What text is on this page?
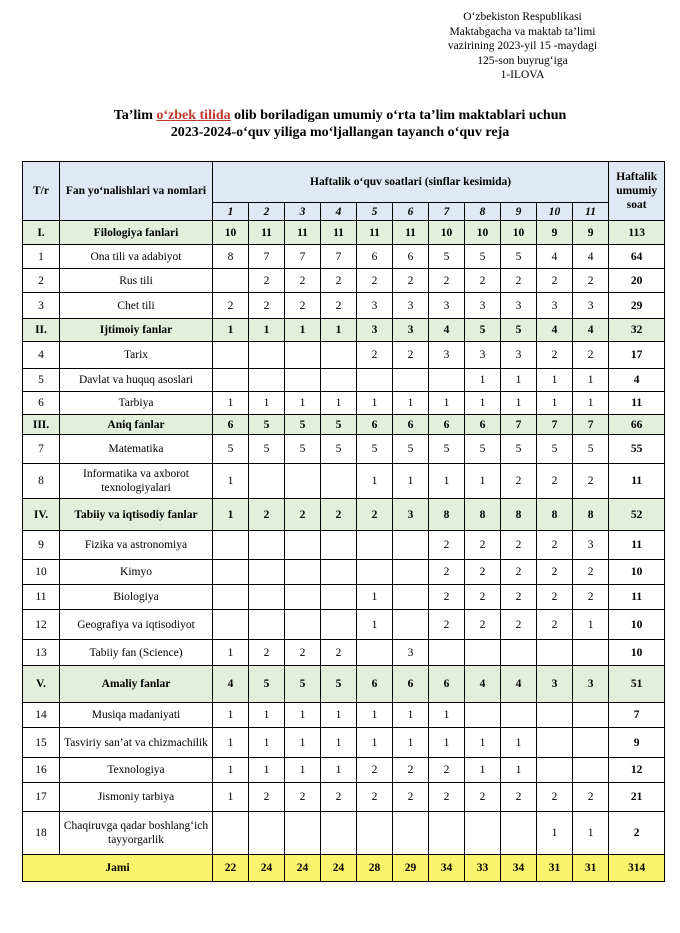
O‘zbekiston Respublikasi
Maktabgacha va maktab ta’limi
vazirining 2023-yil 15 -maydagi
125-son buyrug‘iga
1-ILOVA
Ta’lim o‘zbek tilida olib boriladigan umumiy o‘rta ta’lim maktablari uchun
2023-2024-o‘quv yiliga mo‘ljallangan tayanch o‘quv reja
T/r	Fan yo‘nalishlari va nomlari	Haftalik o‘quv soatlari (sinflar kesimida)											Haftalik umumiy soat
		1	2	3	4	5	6	7	8	9	10	11	
I.	Filologiya fanlari	10	11	11	11	11	11	10	10	10	9	9	113
1	Ona tili va adabiyot	8	7	7	7	6	6	5	5	5	4	4	64
2	Rus tili		2	2	2	2	2	2	2	2	2	2	20
3	Chet tili	2	2	2	2	3	3	3	3	3	3	3	29
II.	Ijtimoiy fanlar	1	1	1	1	3	3	4	5	5	4	4	32
4	Tarix					2	2	3	3	3	2	2	17
5	Davlat va huquq asoslari								1	1	1	1	4
6	Tarbiya	1	1	1	1	1	1	1	1	1	1	1	11
III.	Aniq fanlar	6	5	5	5	6	6	6	6	7	7	7	66
7	Matematika	5	5	5	5	5	5	5	5	5	5	5	55
8	Informatika va axborot texnologiyalari	1				1	1	1	1	2	2	2	11
IV.	Tabiiy va iqtisodiy fanlar	1	2	2	2	2	3	8	8	8	8	8	52
9	Fizika va astronomiya							2	2	2	2	3	11
10	Kimyo							2	2	2	2	2	10
11	Biologiya					1		2	2	2	2	2	11
12	Geografiya va iqtisodiyot					1		2	2	2	2	1	10
13	Tabiiy fan (Science)	1	2	2	2		3						10
V.	Amaliy fanlar	4	5	5	5	6	6	6	4	4	3	3	51
14	Musiqa madaniyati	1	1	1	1	1	1	1					7
15	Tasviriy san’at va chizmachilik	1	1	1	1	1	1	1	1	1			9
16	Texnologiya	1	1	1	1	2	2	2	1	1			12
17	Jismoniy tarbiya	1	2	2	2	2	2	2	2	2	2	2	21
18	Chaqiruvga qadar boshlang‘ich tayyorgarlik										1	1	2
Jami		22	24	24	24	28	29	34	33	34	31	31	314
